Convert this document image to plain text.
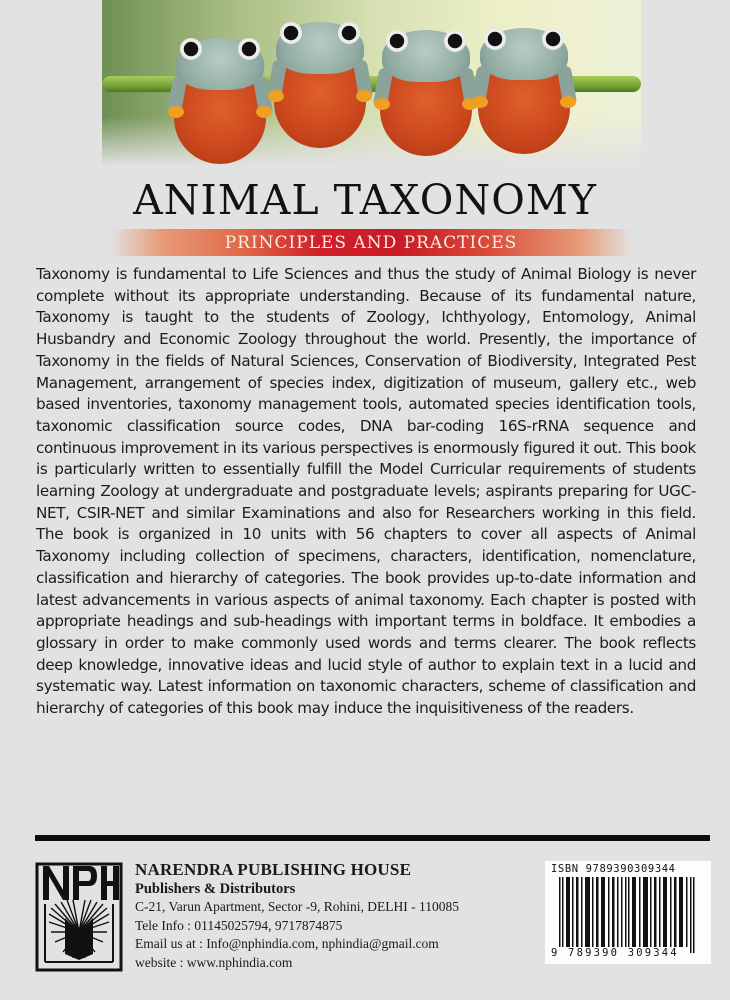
ANIMAL TAXONOMY
PRINCIPLES AND PRACTICES

Taxonomy is fundamental to Life Sciences and thus the study of Animal Biology is never complete without its appropriate understanding. Because of its fundamental nature, Taxonomy is taught to the students of Zoology, Ichthyology, Entomology, Animal Husbandry and Economic Zoology throughout the world. Presently, the importance of Taxonomy in the fields of Natural Sciences, Conservation of Biodiversity, Integrated Pest Management, arrangement of species index, digitization of museum, gallery etc., web based inventories, taxonomy management tools, automated species identification tools, taxonomic classification source codes, DNA bar-coding 16S-rRNA sequence and continuous improvement in its various perspectives is enormously figured it out. This book is particularly written to essentially fulfill the Model Curricular requirements of students learning Zoology at undergraduate and postgraduate levels; aspirants preparing for UGC-NET, CSIR-NET and similar Examinations and also for Researchers working in this field. The book is organized in 10 units with 56 chapters to cover all aspects of Animal Taxonomy including collection of specimens, characters, identification, nomenclature, classification and hierarchy of categories. The book provides up-to-date information and latest advancements in various aspects of animal taxonomy. Each chapter is posted with appropriate headings and sub-headings with important terms in boldface. It embodies a glossary in order to make commonly used words and terms clearer. The book reflects deep knowledge, innovative ideas and lucid style of author to explain text in a lucid and systematic way. Latest information on taxonomic characters, scheme of classification and hierarchy of categories of this book may induce the inquisitiveness of the readers.

NARENDRA PUBLISHING HOUSE
Publishers & Distributors
C-21, Varun Apartment, Sector -9, Rohini, DELHI - 110085
Tele Info : 01145025794, 9717874875
Email us at : Info@nphindia.com, nphindia@gmail.com
website : www.nphindia.com
ISBN 9789390309344
9 789390 309344
